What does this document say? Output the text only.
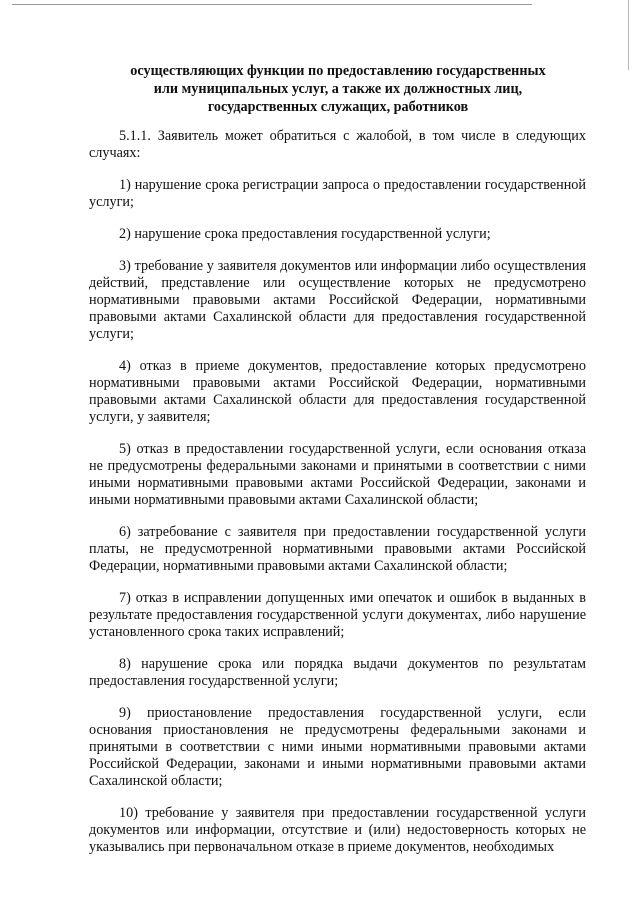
осуществляющих функции по предоставлению государственных
или муниципальных услуг, а также их должностных лиц,
государственных служащих, работников

5.1.1. Заявитель может обратиться с жалобой, в том числе в следующих случаях:

1) нарушение срока регистрации запроса о предоставлении государственной услуги;

2) нарушение срока предоставления государственной услуги;

3) требование у заявителя документов или информации либо осуществления действий, представление или осуществление которых не предусмотрено нормативными правовыми актами Российской Федерации, нормативными правовыми актами Сахалинской области для предоставления государственной услуги;

4) отказ в приеме документов, предоставление которых предусмотрено нормативными правовыми актами Российской Федерации, нормативными правовыми актами Сахалинской области для предоставления государственной услуги, у заявителя;

5) отказ в предоставлении государственной услуги, если основания отказа не предусмотрены федеральными законами и принятыми в соответствии с ними иными нормативными правовыми актами Российской Федерации, законами и иными нормативными правовыми актами Сахалинской области;

6) затребование с заявителя при предоставлении государственной услуги платы, не предусмотренной нормативными правовыми актами Российской Федерации, нормативными правовыми актами Сахалинской области;

7) отказ в исправлении допущенных ими опечаток и ошибок в выданных в результате предоставления государственной услуги документах, либо нарушение установленного срока таких исправлений;

8) нарушение срока или порядка выдачи документов по результатам предоставления государственной услуги;

9) приостановление предоставления государственной услуги, если основания приостановления не предусмотрены федеральными законами и принятыми в соответствии с ними иными нормативными правовыми актами Российской Федерации, законами и иными нормативными правовыми актами Сахалинской области;

10) требование у заявителя при предоставлении государственной услуги документов или информации, отсутствие и (или) недостоверность которых не указывались при первоначальном отказе в приеме документов, необходимых
